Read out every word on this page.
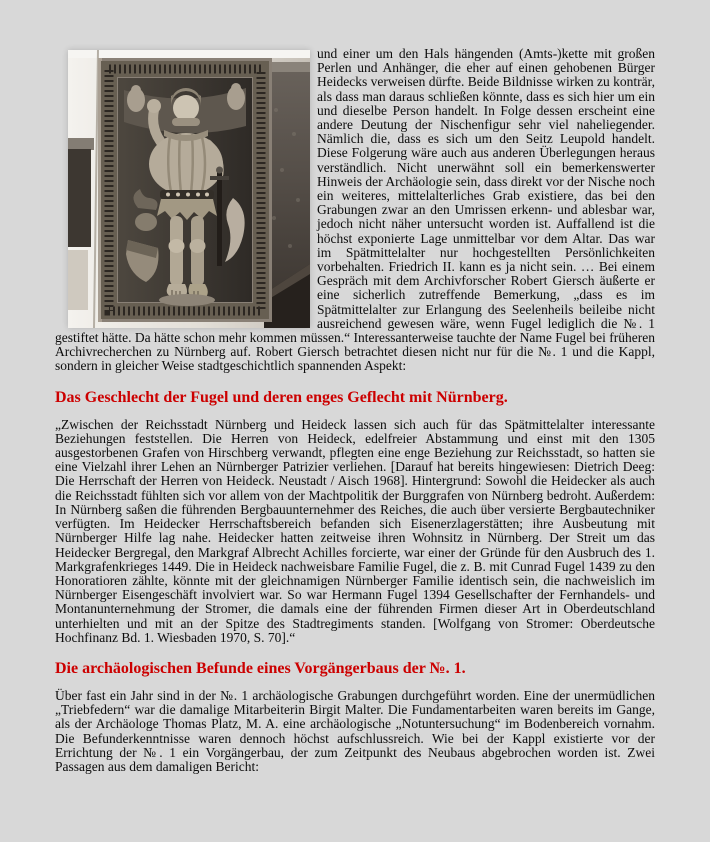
und einer um den Hals hängenden (Amts-)kette mit großen Perlen und Anhänger, die eher auf einen gehobenen Bürger Heidecks verweisen dürfte. Beide Bildnisse wirken zu konträr, als dass man daraus schließen könnte, dass es sich hier um ein und dieselbe Person handelt. In Folge dessen erscheint eine andere Deutung der Nischenfigur sehr viel naheliegender. Nämlich die, dass es sich um den Seitz Leupold handelt. Diese Folgerung wäre auch aus anderen Überlegungen heraus verständlich. Nicht unerwähnt soll ein bemerkenswerter Hinweis der Archäologie sein, dass direkt vor der Nische noch ein weiteres, mittelalterliches Grab existiere, das bei den Grabungen zwar an den Umrissen erkenn- und ablesbar war, jedoch nicht näher untersucht worden ist. Auffallend ist die höchst exponierte Lage unmittelbar vor dem Altar. Das war im Spätmittelalter nur hochgestellten Persönlichkeiten vorbehalten. Friedrich II. kann es ja nicht sein. … Bei einem Gespräch mit dem Archivforscher Robert Giersch äußerte er eine sicherlich zutreffende Bemerkung, „dass es im Spätmittelalter zur Erlangung des Seelenheils beileibe nicht ausreichend gewesen wäre, wenn Fugel lediglich die №. 1 gestiftet hätte. Da hätte schon mehr kommen müssen.“ Interessanterweise tauchte der Name Fugel bei früheren Archivrecherchen zu Nürnberg auf. Robert Giersch betrachtet diesen nicht nur für die №. 1 und die Kappl, sondern in gleicher Weise stadtgeschichtlich spannenden Aspekt:

Das Geschlecht der Fugel und deren enges Geflecht mit Nürnberg.

„Zwischen der Reichsstadt Nürnberg und Heideck lassen sich auch für das Spätmittelalter interessante Beziehungen feststellen. Die Herren von Heideck, edelfreier Abstammung und einst mit den 1305 ausgestorbenen Grafen von Hirschberg verwandt, pflegten eine enge Beziehung zur Reichsstadt, so hatten sie eine Vielzahl ihrer Lehen an Nürnberger Patrizier verliehen. [Darauf hat bereits hingewiesen: Dietrich Deeg: Die Herrschaft der Herren von Heideck. Neustadt / Aisch 1968]. Hintergrund: Sowohl die Heidecker als auch die Reichsstadt fühlten sich vor allem von der Machtpolitik der Burggrafen von Nürnberg bedroht. Außerdem: In Nürnberg saßen die führenden Bergbauunternehmer des Reiches, die auch über versierte Bergbautechniker verfügten. Im Heidecker Herrschaftsbereich befanden sich Eisenerzlagerstätten; ihre Ausbeutung mit Nürnberger Hilfe lag nahe. Heidecker hatten zeitweise ihren Wohnsitz in Nürnberg. Der Streit um das Heidecker Bergregal, den Markgraf Albrecht Achilles forcierte, war einer der Gründe für den Ausbruch des 1. Markgrafenkrieges 1449. Die in Heideck nachweisbare Familie Fugel, die z. B. mit Cunrad Fugel 1439 zu den Honoratioren zählte, könnte mit der gleichnamigen Nürnberger Familie identisch sein, die nachweislich im Nürnberger Eisengeschäft involviert war. So war Hermann Fugel 1394 Gesellschafter der Fernhandels- und Montanunternehmung der Stromer, die damals eine der führenden Firmen dieser Art in Oberdeutschland unterhielten und mit an der Spitze des Stadtregiments standen. [Wolfgang von Stromer: Oberdeutsche Hochfinanz Bd. 1. Wiesbaden 1970, S. 70].“

Die archäologischen Befunde eines Vorgängerbaus der №. 1.

Über fast ein Jahr sind in der №. 1 archäologische Grabungen durchgeführt worden. Eine der unermüdlichen „Triebfedern“ war die damalige Mitarbeiterin Birgit Malter. Die Fundamentarbeiten waren bereits im Gange, als der Archäologe Thomas Platz, M. A. eine archäologische „Notuntersuchung“ im Bodenbereich vornahm. Die Befunderkenntnisse waren dennoch höchst aufschlussreich. Wie bei der Kappl existierte vor der Errichtung der №. 1 ein Vorgängerbau, der zum Zeitpunkt des Neubaus abgebrochen worden ist. Zwei Passagen aus dem damaligen Bericht:
